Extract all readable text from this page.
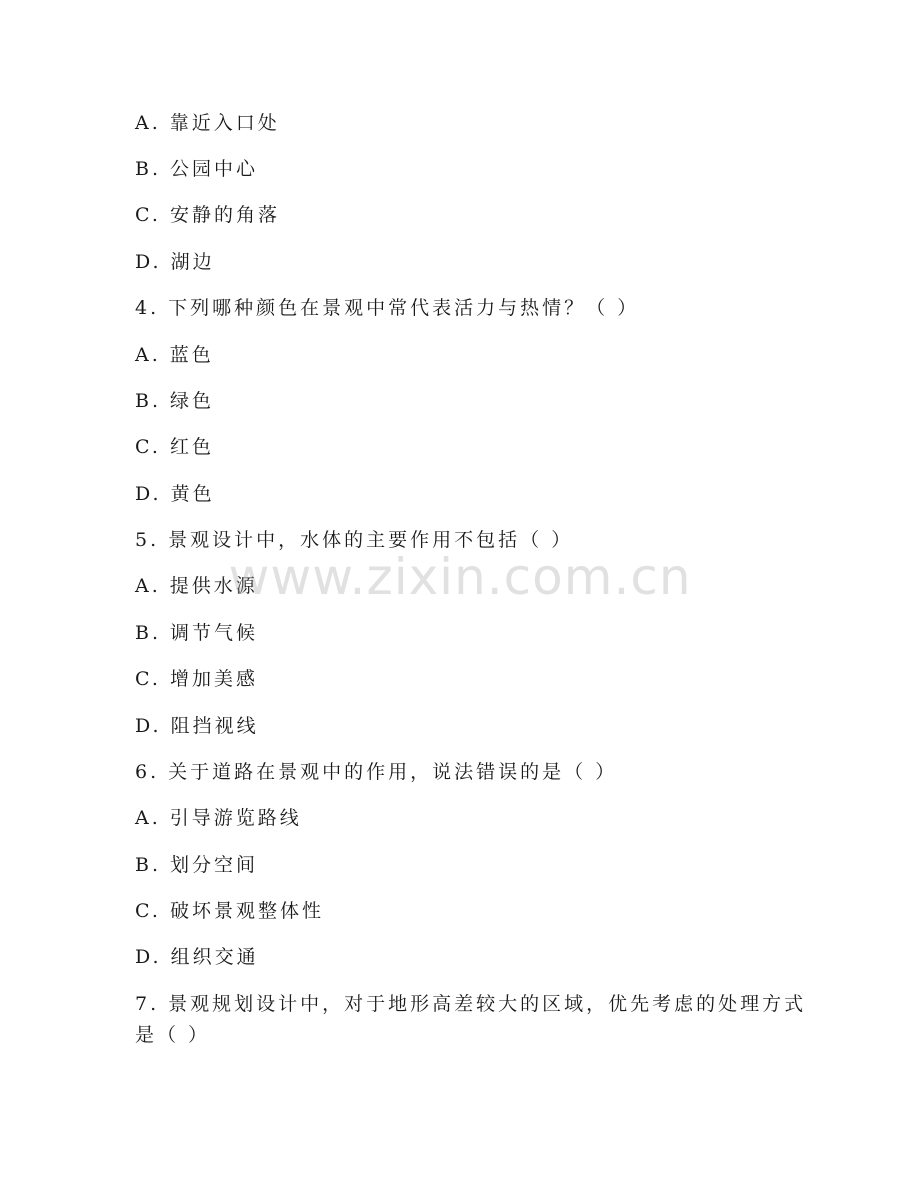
A. 靠近入口处
B. 公园中心
C. 安静的角落
D. 湖边
4. 下列哪种颜色在景观中常代表活力与热情？（ ）
A. 蓝色
B. 绿色
C. 红色
D. 黄色
5. 景观设计中，水体的主要作用不包括（ ）
A. 提供水源
B. 调节气候
C. 增加美感
D. 阻挡视线
6. 关于道路在景观中的作用，说法错误的是（ ）
A. 引导游览路线
B. 划分空间
C. 破坏景观整体性
D. 组织交通
7. 景观规划设计中，对于地形高差较大的区域，优先考虑的处理方式
是（ ）
www.zixin.com.cn
